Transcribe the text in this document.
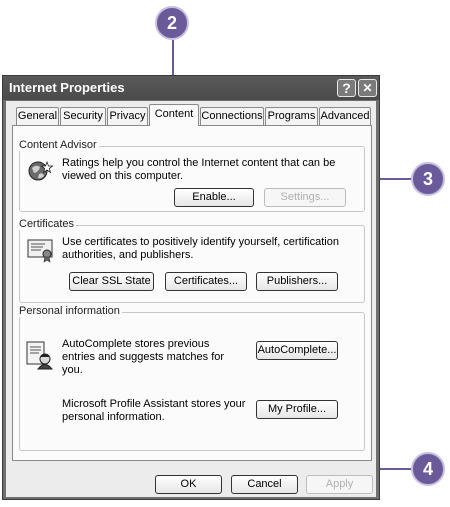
Internet Properties	? ✕
General Security Privacy Content Connections Programs Advanced
Content Advisor
Ratings help you control the Internet content that can be viewed on this computer.
Enable...	Settings...
Certificates
Use certificates to positively identify yourself, certification authorities, and publishers.
Clear SSL State	Certificates...	Publishers...
Personal information
AutoComplete stores previous entries and suggests matches for you.
AutoComplete...
Microsoft Profile Assistant stores your personal information.
My Profile...
OK	Cancel	Apply
2
3
4
